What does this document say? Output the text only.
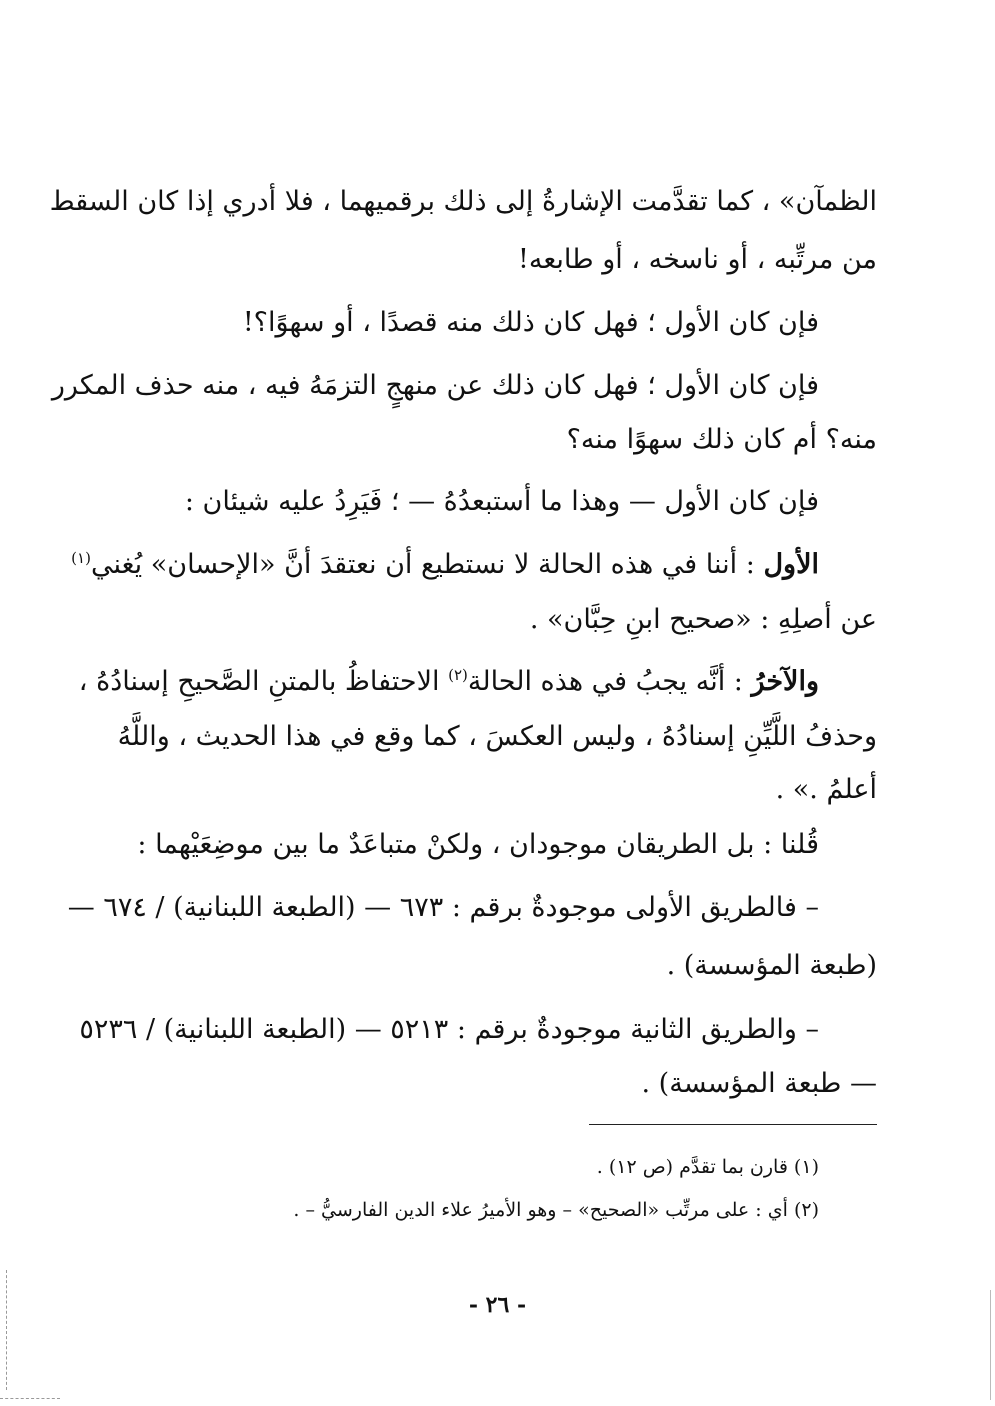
الظمآن» ، كما تقدَّمت الإشارةُ إلى ذلك برقميهما ، فلا أدري إذا كان السقط
من مرتِّبه ، أو ناسخه ، أو طابعه!
فإن كان الأول ؛ فهل كان ذلك منه قصدًا ، أو سهوًا؟!
فإن كان الأول ؛ فهل كان ذلك عن منهجٍ التزمَهُ فيه ، منه حذف المكرر
منه؟ أم كان ذلك سهوًا منه؟
فإن كان الأول — وهذا ما أستبعدُهُ — ؛ فَيَرِدُ عليه شيئان :
الأول : أننا في هذه الحالة لا نستطيع أن نعتقدَ أنَّ «الإحسان» يُغني$^{(١)}$
عن أصلِهِ : «صحيح ابنِ حِبَّان» .
والآخرُ : أنَّه يجبُ في هذه الحالة$^{(٢)}$ الاحتفاظُ بالمتنِ الصَّحيحِ إسنادُهُ ،
وحذفُ اللَّيِّنِ إسنادُهُ ، وليس العكسَ ، كما وقع في هذا الحديث ، واللَّهُ
أعلمُ .» .
قُلنا : بل الطريقان موجودان ، ولكنْ متباعَدٌ ما بين موضِعَيْهما :
– فالطريق الأولى موجودةٌ برقم : ٦٧٣ — (الطبعة اللبنانية) / ٦٧٤ —
(طبعة المؤسسة) .
– والطريق الثانية موجودةٌ برقم : ٥٢١٣ — (الطبعة اللبنانية) / ٥٢٣٦
— طبعة المؤسسة) .
(١) قارن بما تقدَّم (ص ١٢) .
(٢) أي : على مرتِّب «الصحيح» – وهو الأميرُ علاء الدين الفارسيُّ – .
- ٢٦ -
